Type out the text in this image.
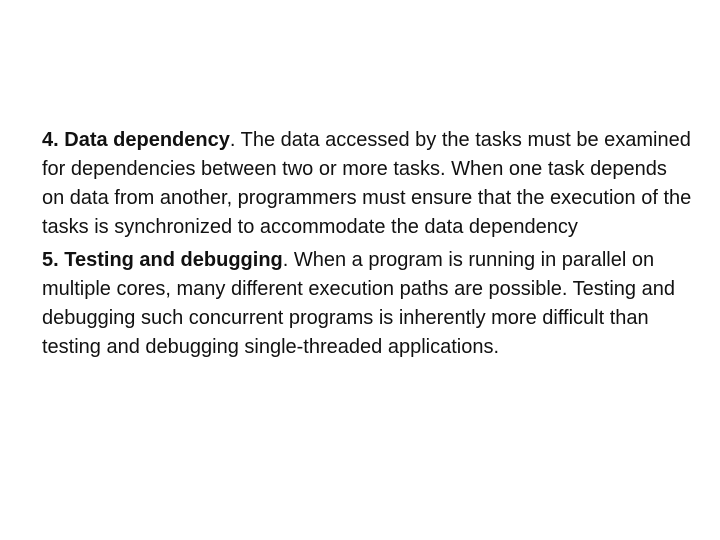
4. Data dependency. The data accessed by the tasks must be examined for dependencies between two or more tasks. When one task depends on data from another, programmers must ensure that the execution of the tasks is synchronized to accommodate the data dependency

5. Testing and debugging. When a program is running in parallel on multiple cores, many different execution paths are possible. Testing and debugging such concurrent programs is inherently more difficult than testing and debugging single-threaded applications.
